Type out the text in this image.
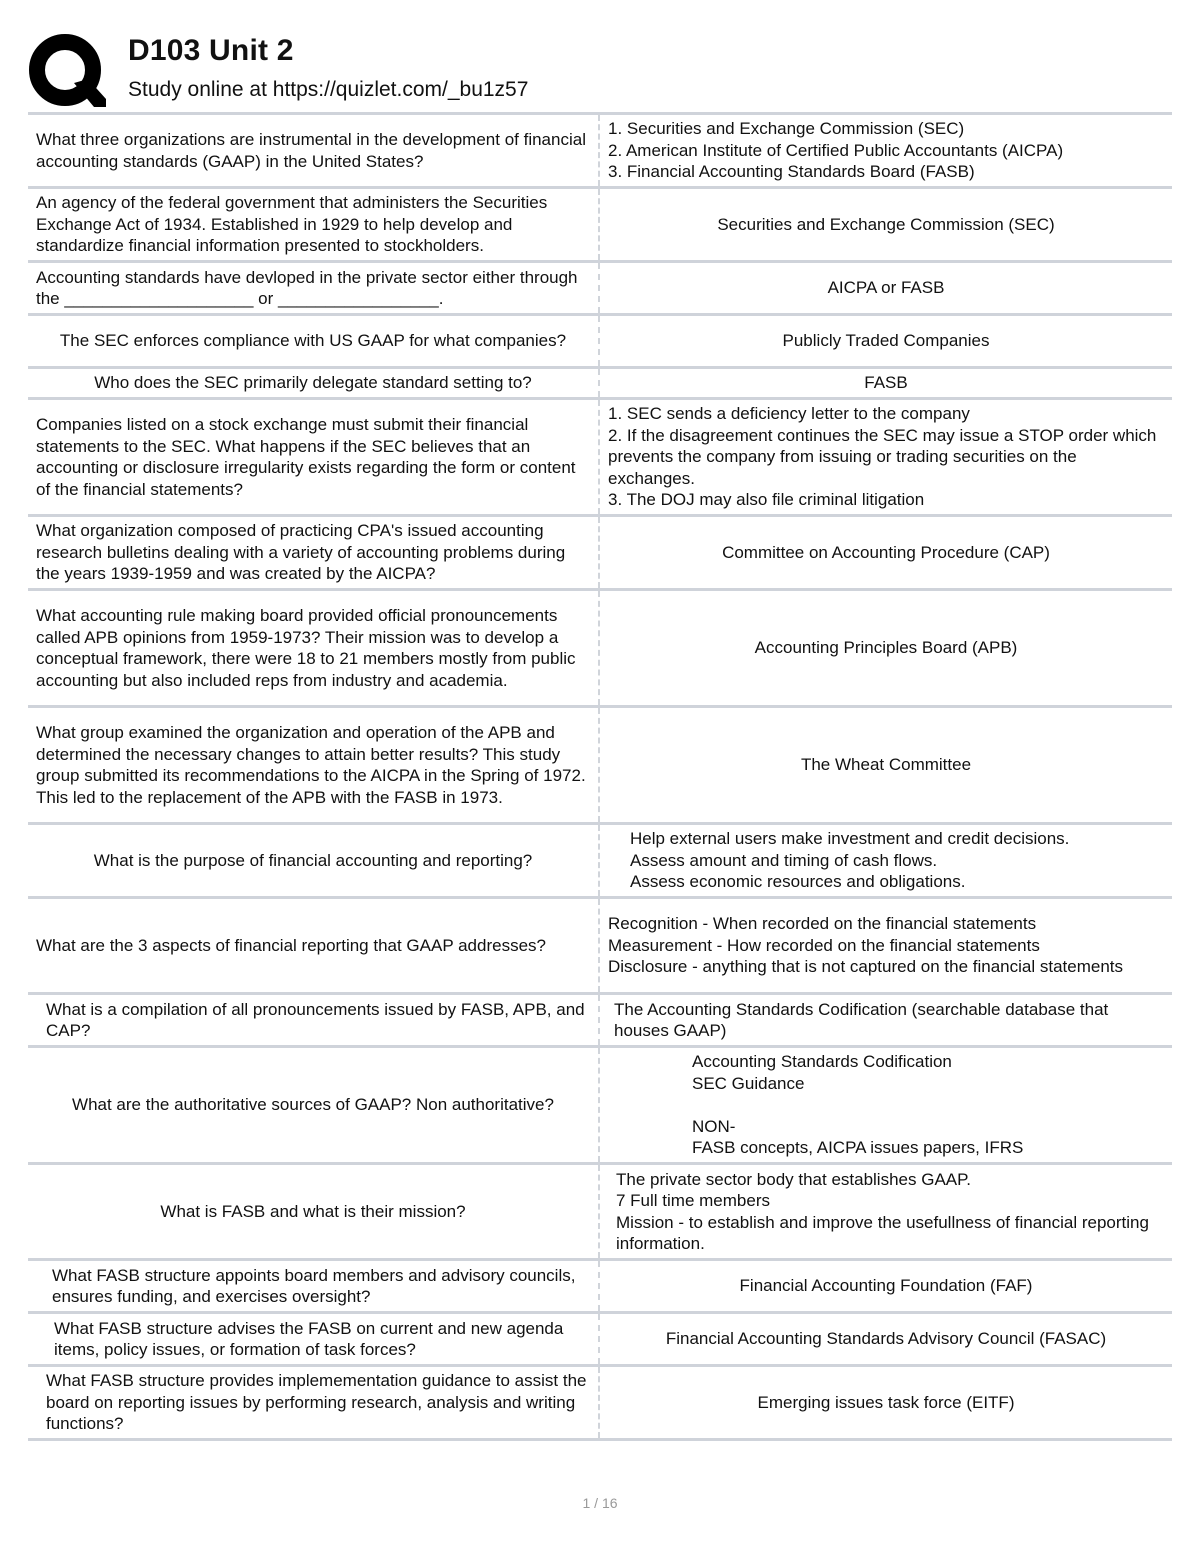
D103 Unit 2
Study online at https://quizlet.com/_bu1z57
What three organizations are instrumental in the development of financial accounting standards (GAAP) in the United States?
1. Securities and Exchange Commission (SEC)
2. American Institute of Certified Public Accountants (AICPA)
3. Financial Accounting Standards Board (FASB)
An agency of the federal government that administers the Securities Exchange Act of 1934. Established in 1929 to help develop and standardize financial information presented to stockholders.
Securities and Exchange Commission (SEC)
Accounting standards have devloped in the private sector either through the ____________________ or _________________.
AICPA or FASB
The SEC enforces compliance with US GAAP for what companies?	Publicly Traded Companies
Who does the SEC primarily delegate standard setting to?	FASB
Companies listed on a stock exchange must submit their financial statements to the SEC. What happens if the SEC believes that an accounting or disclosure irregularity exists regarding the form or content of the financial statements?
1. SEC sends a deficiency letter to the company
2. If the disagreement continues the SEC may issue a STOP order which prevents the company from issuing or trading securities on the exchanges.
3. The DOJ may also file criminal litigation
What organization composed of practicing CPA's issued accounting research bulletins dealing with a variety of accounting problems during the years 1939-1959 and was created by the AICPA?
Committee on Accounting Procedure (CAP)
What accounting rule making board provided official pronouncements called APB opinions from 1959-1973? Their mission was to develop a conceptual framework, there were 18 to 21 members mostly from public accounting but also included reps from industry and academia.
Accounting Principles Board (APB)
What group examined the organization and operation of the APB and determined the necessary changes to attain better results? This study group submitted its recommendations to the AICPA in the Spring of 1972. This led to the replacement of the APB with the FASB in 1973.
The Wheat Committee
What is the purpose of financial accounting and reporting?
Help external users make investment and credit decisions.
Assess amount and timing of cash flows.
Assess economic resources and obligations.
What are the 3 aspects of financial reporting that GAAP addresses?
Recognition - When recorded on the financial statements
Measurement - How recorded on the financial statements
Disclosure - anything that is not captured on the financial statements
What is a compilation of all pronouncements issued by FASB, APB, and CAP?
The Accounting Standards Codification (searchable database that houses GAAP)
What are the authoritative sources of GAAP? Non authoritative?
Accounting Standards Codification
SEC Guidance

NON-
FASB concepts, AICPA issues papers, IFRS
What is FASB and what is their mission?
The private sector body that establishes GAAP.
7 Full time members
Mission - to establish and improve the usefullness of financial reporting information.
What FASB structure appoints board members and advisory councils, ensures funding, and exercises oversight?
Financial Accounting Foundation (FAF)
What FASB structure advises the FASB on current and new agenda items, policy issues, or formation of task forces?
Financial Accounting Standards Advisory Council (FASAC)
What FASB structure provides implemementation guidance to assist the board on reporting issues by performing research, analysis and writing functions?
Emerging issues task force (EITF)
1 / 16
